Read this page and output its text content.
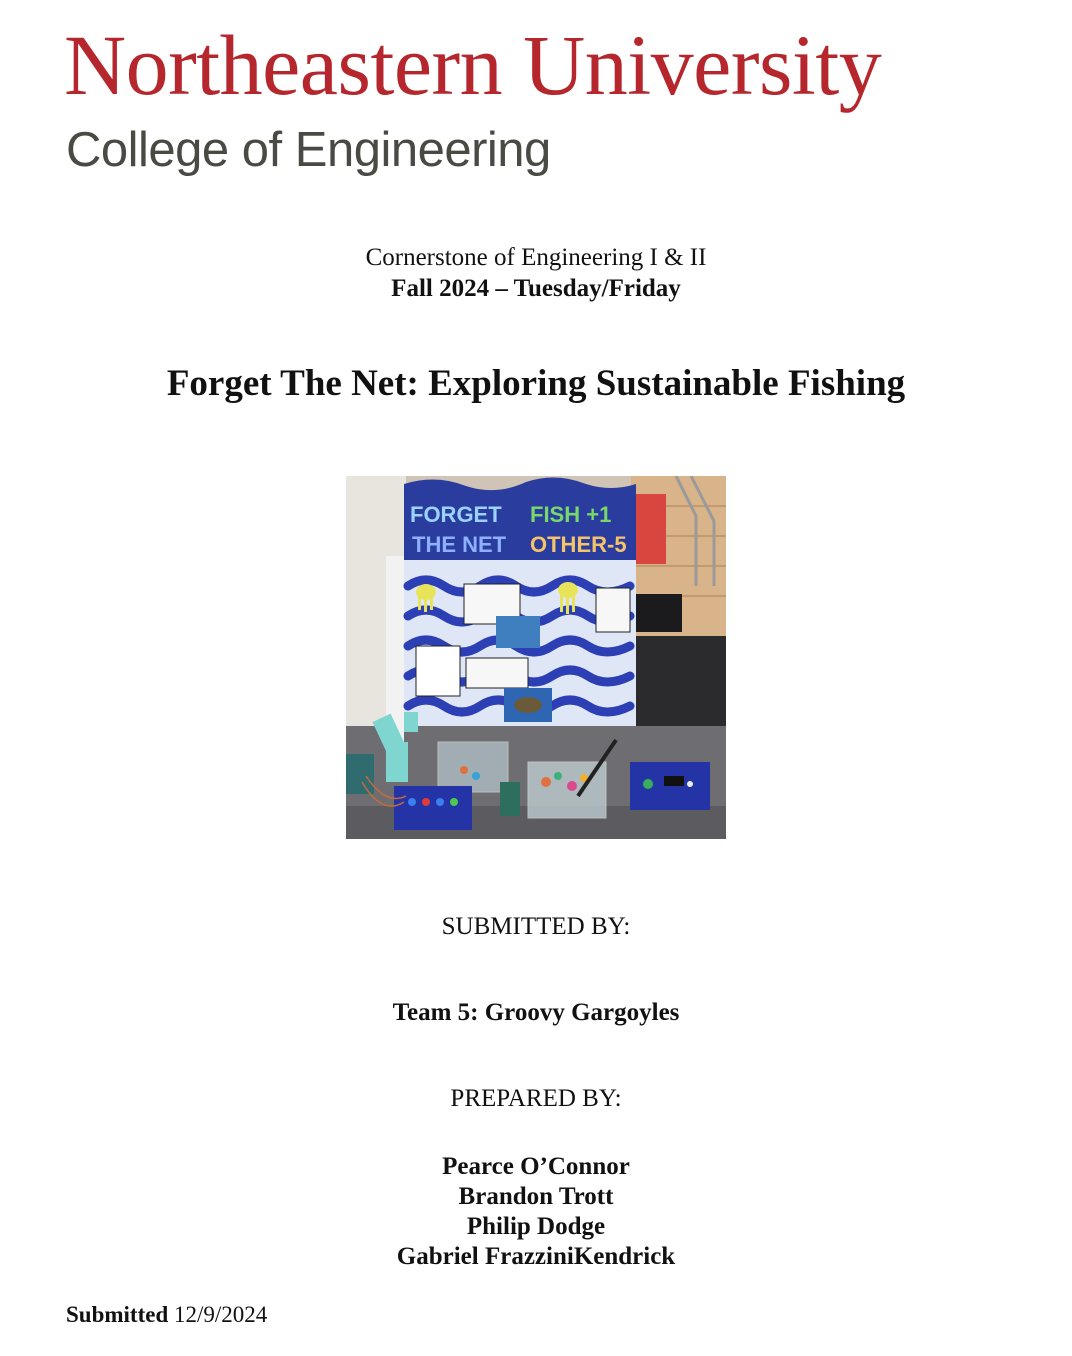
Northeastern University
College of Engineering
Cornerstone of Engineering I & II
Fall 2024 – Tuesday/Friday
Forget The Net: Exploring Sustainable Fishing
FORGET
THE NET
FISH +1
OTHER-5
SUBMITTED BY:
Team 5: Groovy Gargoyles
PREPARED BY:
Pearce O’Connor
Brandon Trott
Philip Dodge
Gabriel FrazziniKendrick
Submitted 12/9/2024
